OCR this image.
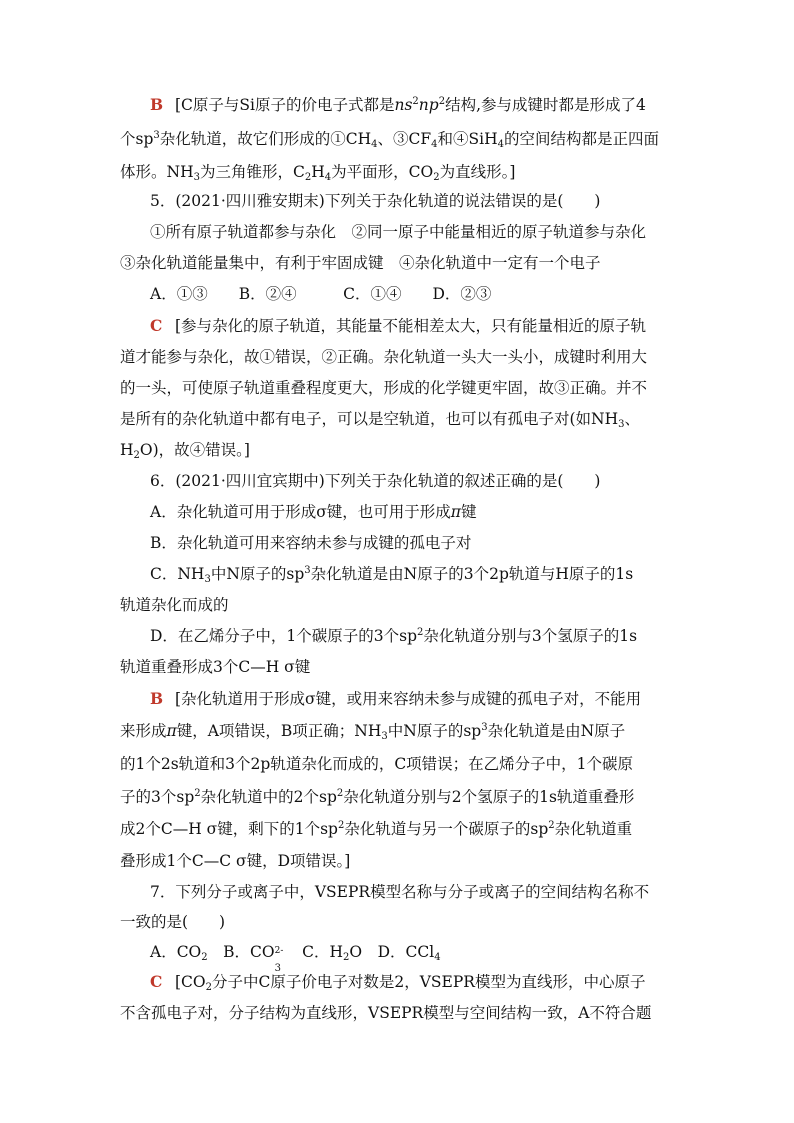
B [C原子与Si原子的价电子式都是$ns^2np^2$结构,参与成键时都是形成了4
个$sp^3$杂化轨道，故它们形成的$①CH_4$、$③CF_4$和④SiH$_4$的空间结构都是正四面
体形。$NH_3$为三角锥形，$C_2H_4$为平面形，$CO_2$为直线形。]
5．(2021·四川雅安期末)下列关于杂化轨道的说法错误的是(　　)
①所有原子轨道都参与杂化　②同一原子中能量相近的原子轨道参与杂化
③杂化轨道能量集中，有利于牢固成键　④杂化轨道中一定有一个电子
A．①③　　B．②④　　　C．①④　　D．②③
C [参与杂化的原子轨道，其能量不能相差太大，只有能量相近的原子轨
道才能参与杂化，故①错误，②正确。杂化轨道一头大一头小，成键时利用大
的一头，可使原子轨道重叠程度更大，形成的化学键更牢固，故③正确。并不
是所有的杂化轨道中都有电子，可以是空轨道，也可以有孤电子对(如$NH_3$、
$H_2O$)，故④错误。]
6．(2021·四川宜宾期中)下列关于杂化轨道的叙述正确的是(　　)
A．杂化轨道可用于形成σ键，也可用于形成π键
B．杂化轨道可用来容纳未参与成键的孤电子对
C．$NH_3$中N原子的$sp^3$杂化轨道是由N原子的3个2p轨道与H原子的1s
轨道杂化而成的
D．在乙烯分子中，1个碳原子的3个$sp^2$杂化轨道分别与3个氢原子的1s
轨道重叠形成3个C—H σ键
B [杂化轨道用于形成σ键，或用来容纳未参与成键的孤电子对，不能用
来形成π键，A项错误，B项正确；$NH_3$中N原子的$sp^3$杂化轨道是由N原子
的1个2s轨道和3个2p轨道杂化而成的，C项错误；在乙烯分子中，1个碳原
子的3个$sp^2$杂化轨道中的2个$sp^2$杂化轨道分别与2个氢原子的1s轨道重叠形
成2个C—H σ键，剩下的1个$sp^2$杂化轨道与另一个碳原子的$sp^2$杂化轨道重
叠形成1个C—C σ键，D项错误。]
7．下列分子或离子中，VSEPR模型名称与分子或离子的空间结构名称不
一致的是(　　)
A．$CO_2$　B．CO 2-
3
　C．$H_2O$　D．CCl$_4$
C [$CO_2$分子中C原子价电子对数是2，VSEPR模型为直线形，中心原子
不含孤电子对，分子结构为直线形，VSEPR模型与空间结构一致，A不符合题
